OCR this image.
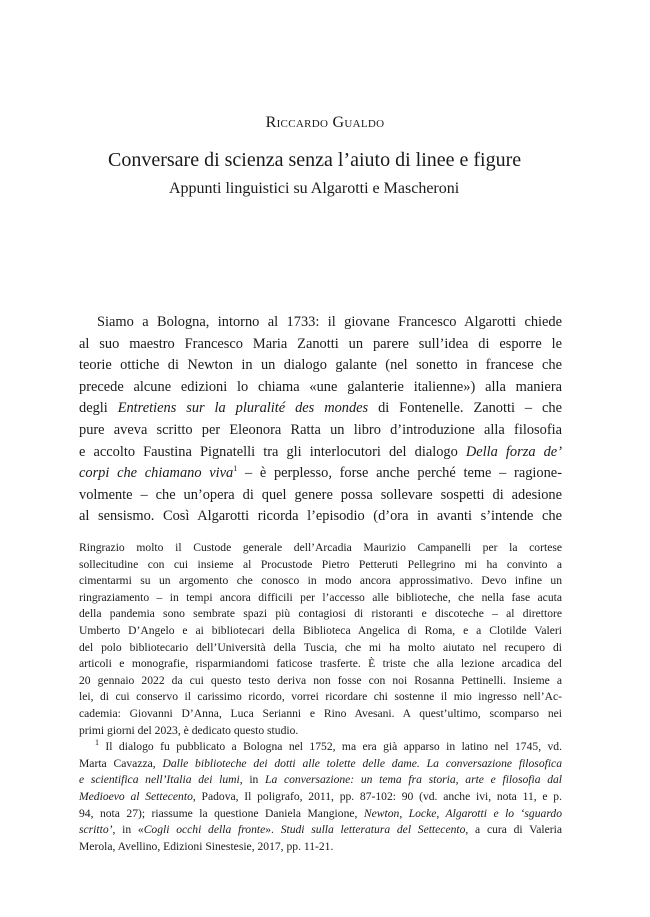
Riccardo Gualdo
Conversare di scienza senza l’aiuto di linee e figure
Appunti linguistici su Algarotti e Mascheroni
Siamo a Bologna, intorno al 1733: il giovane Francesco Algarotti chiede
al suo maestro Francesco Maria Zanotti un parere sull’idea di esporre le
teorie ottiche di Newton in un dialogo galante (nel sonetto in francese che
precede alcune edizioni lo chiama «une galanterie italienne») alla maniera
degli Entretiens sur la pluralité des mondes di Fontenelle. Zanotti – che
pure aveva scritto per Eleonora Ratta un libro d’introduzione alla filosofia
e accolto Faustina Pignatelli tra gli interlocutori del dialogo Della forza de’
corpi che chiamano viva$^1$ – è perplesso, forse anche perché teme – ragione-
volmente – che un’opera di quel genere possa sollevare sospetti di adesione
al sensismo. Così Algarotti ricorda l’episodio (d’ora in avanti s’intende che
Ringrazio molto il Custode generale dell’Arcadia Maurizio Campanelli per la cortese
sollecitudine con cui insieme al Procustode Pietro Petteruti Pellegrino mi ha convinto a
cimentarmi su un argomento che conosco in modo ancora approssimativo. Devo infine un
ringraziamento – in tempi ancora difficili per l’accesso alle biblioteche, che nella fase acuta
della pandemia sono sembrate spazi più contagiosi di ristoranti e discoteche – al direttore
Umberto D’Angelo e ai bibliotecari della Biblioteca Angelica di Roma, e a Clotilde Valeri
del polo bibliotecario dell’Università della Tuscia, che mi ha molto aiutato nel recupero di
articoli e monografie, risparmiandomi faticose trasferte. È triste che alla lezione arcadica del
20 gennaio 2022 da cui questo testo deriva non fosse con noi Rosanna Pettinelli. Insieme a
lei, di cui conservo il carissimo ricordo, vorrei ricordare chi sostenne il mio ingresso nell’Ac-
cademia: Giovanni D’Anna, Luca Serianni e Rino Avesani. A quest’ultimo, scomparso nei
primi giorni del 2023, è dedicato questo studio.
$^1$ Il dialogo fu pubblicato a Bologna nel 1752, ma era già apparso in latino nel 1745, vd.
Marta Cavazza, Dalle biblioteche dei dotti alle tolette delle dame. La conversazione filosofica
e scientifica nell’Italia dei lumi, in La conversazione: un tema fra storia, arte e filosofia dal
Medioevo al Settecento, Padova, Il poligrafo, 2011, pp. 87-102: 90 (vd. anche ivi, nota 11, e p.
94, nota 27); riassume la questione Daniela Mangione, Newton, Locke, Algarotti e lo ‘sguardo
scritto’, in «Cogli occhi della fronte». Studi sulla letteratura del Settecento, a cura di Valeria
Merola, Avellino, Edizioni Sinestesie, 2017, pp. 11-21.
